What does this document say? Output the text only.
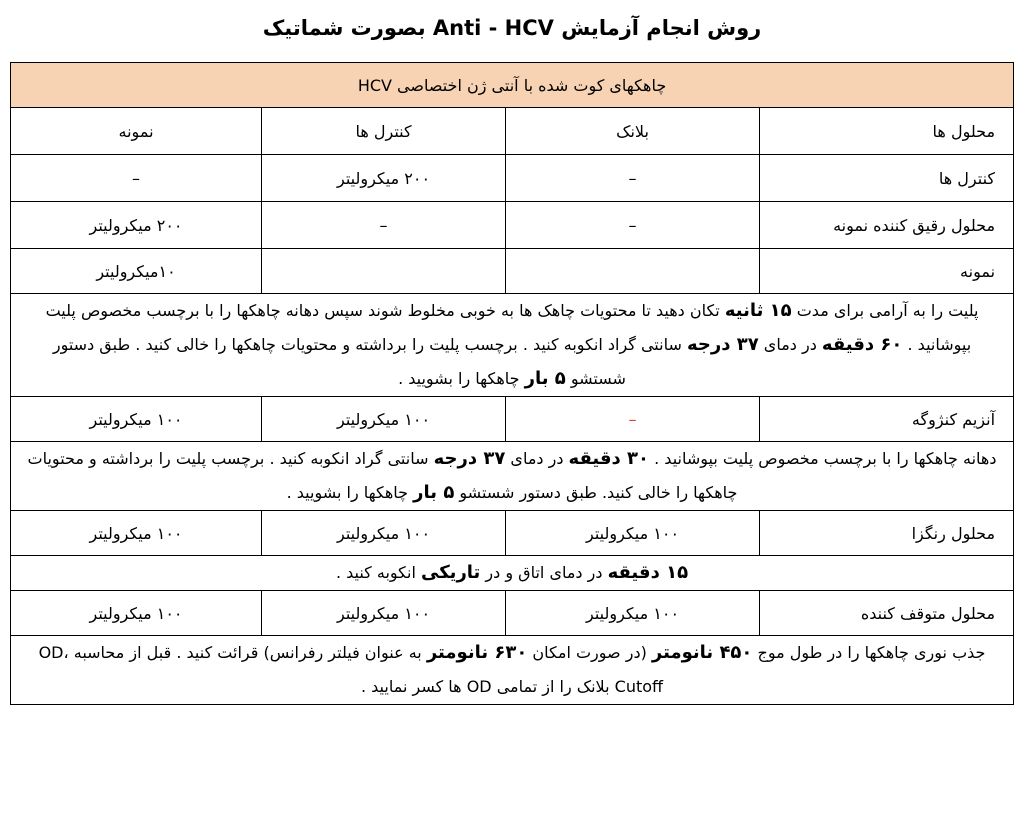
روش انجام آزمایش Anti - HCV بصورت شماتیک
چاهکهای کوت شده با آنتی ژن اختصاصی HCV			
محلول ها	بلانک	کنترل ها	نمونه
کنترل ها	–	۲۰۰ میکرولیتر	–
محلول رقیق کننده نمونه	–	–	۲۰۰ میکرولیتر
نمونه			۱۰میکرولیتر
پلیت را به آرامی برای مدت ۱۵ ثانیه تکان دهید تا محتویات چاهک ها به خوبی مخلوط شوند سپس دهانه چاهکها را با برچسب مخصوص پلیت بپوشانید . ۶۰ دقیقه در دمای ۳۷ درجه سانتی گراد انکوبه کنید . برچسب پلیت را برداشته و محتویات چاهکها را خالی کنید . طبق دستور شستشو ۵ بار چاهکها را بشویید .			
آنزیم کنژوگه	–	۱۰۰ میکرولیتر	۱۰۰ میکرولیتر
دهانه چاهکها را با برچسب مخصوص پلیت بپوشانید . ۳۰ دقیقه در دمای ۳۷ درجه سانتی گراد انکوبه کنید . برچسب پلیت را برداشته و محتویات چاهکها را خالی کنید. طبق دستور شستشو ۵ بار چاهکها را بشویید .			
محلول رنگزا	۱۰۰ میکرولیتر	۱۰۰ میکرولیتر	۱۰۰ میکرولیتر
۱۵ دقیقه در دمای اتاق و در تاریکی انکوبه کنید .			
محلول متوقف کننده	۱۰۰ میکرولیتر	۱۰۰ میکرولیتر	۱۰۰ میکرولیتر
جذب نوری چاهکها را در طول موج ۴۵۰ نانومتر (در صورت امکان ۶۳۰ نانومتر به عنوان فیلتر رفرانس) قرائت کنید . قبل از محاسبه OD، Cutoff بلانک را از تمامی OD ها کسر نمایید .			
